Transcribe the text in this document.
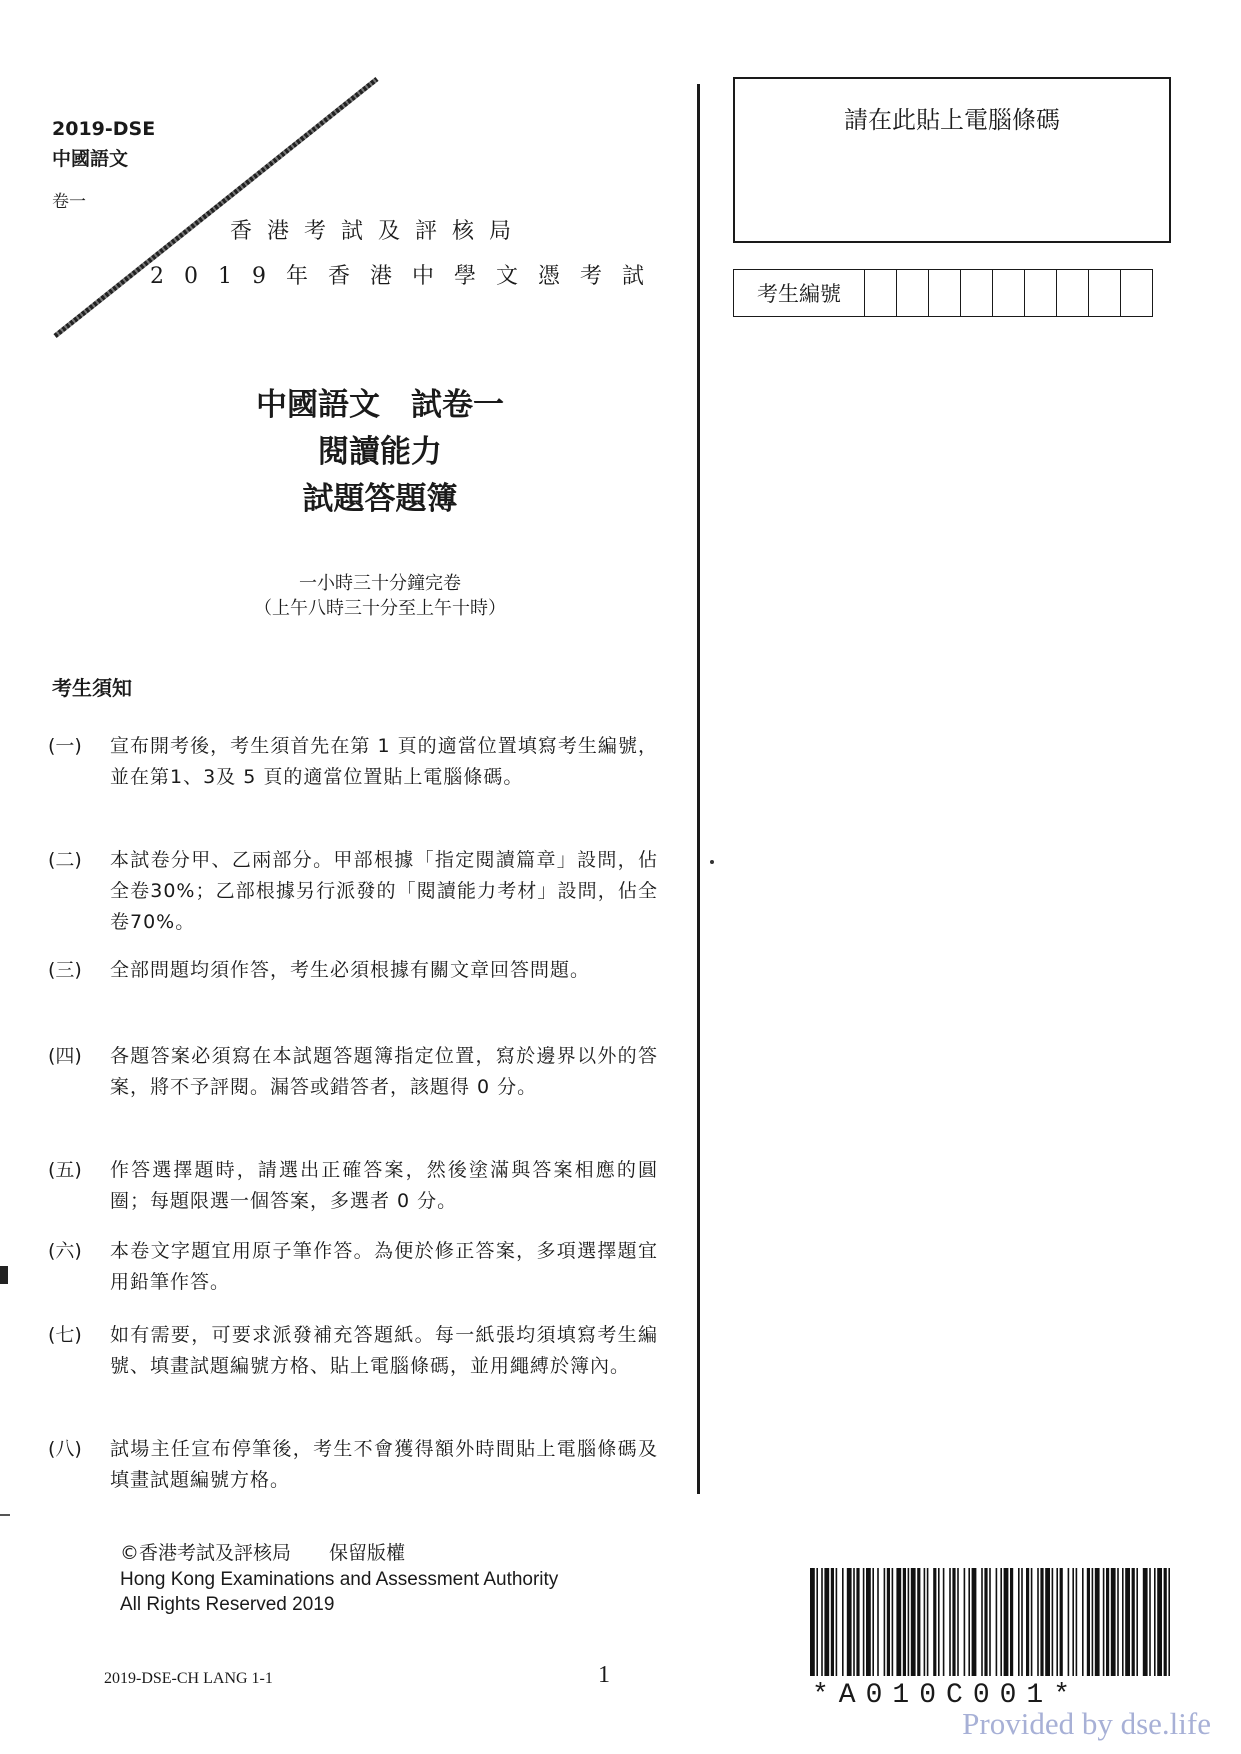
2019-DSE
中國語文
卷一
香港考試及評核局
2019年香港中學文憑考試
中國語文　試卷一
閱讀能力
試題答題簿
一小時三十分鐘完卷
（上午八時三十分至上午十時）
考生須知
(一)	宣布開考後，考生須首先在第 1 頁的適當位置填寫考生編號，並在第1、3及 5 頁的適當位置貼上電腦條碼。
(二)	本試卷分甲、乙兩部分。甲部根據「指定閱讀篇章」設問，佔全卷30%；乙部根據另行派發的「閱讀能力考材」設問，佔全卷70%。
(三)	全部問題均須作答，考生必須根據有關文章回答問題。
(四)	各題答案必須寫在本試題答題簿指定位置，寫於邊界以外的答案，將不予評閱。漏答或錯答者，該題得 0 分。
(五)	作答選擇題時，請選出正確答案，然後塗滿與答案相應的圓圈；每題限選一個答案，多選者 0 分。
(六)	本卷文字題宜用原子筆作答。為便於修正答案，多項選擇題宜用鉛筆作答。
(七)	如有需要，可要求派發補充答題紙。每一紙張均須填寫考生編號、填畫試題編號方格、貼上電腦條碼，並用繩縛於簿內。
(八)	試場主任宣布停筆後，考生不會獲得額外時間貼上電腦條碼及填畫試題編號方格。
請在此貼上電腦條碼
考生編號									
©香港考試及評核局　　保留版權
Hong Kong Examinations and Assessment Authority
All Rights Reserved 2019
2019-DSE-CH LANG 1-1	1
*A010C001*
Provided by dse.life
